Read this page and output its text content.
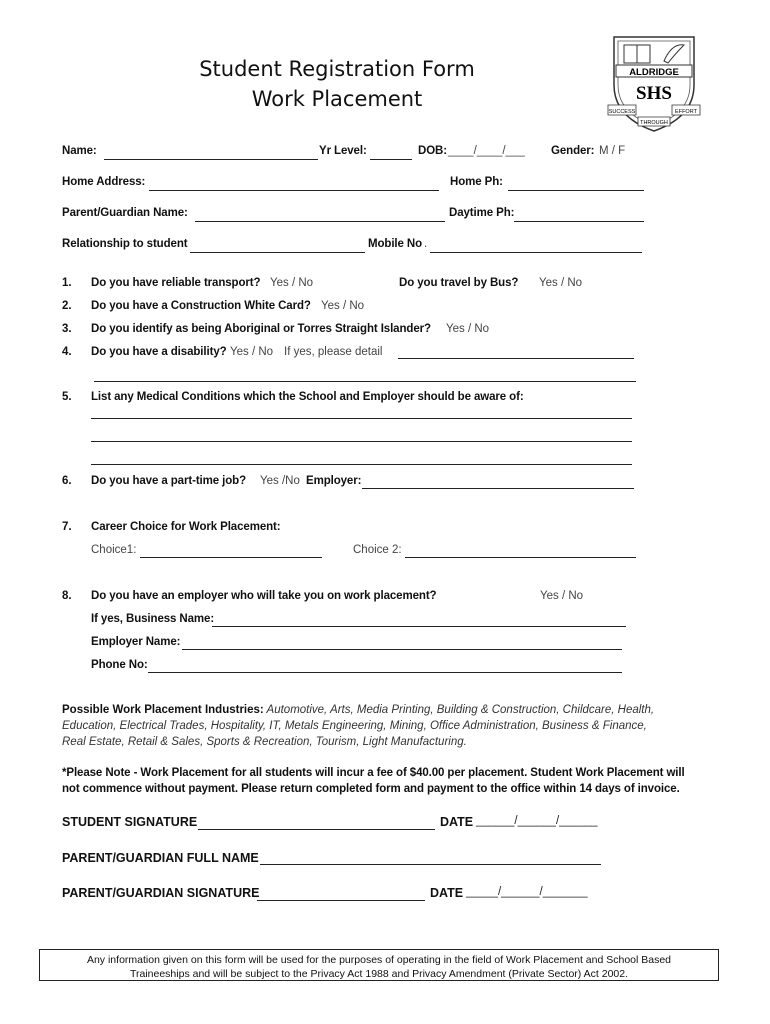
Student Registration Form
Work Placement
ALDRIDGE
SHS
SUCCESS	EFFORT
THROUGH
Name:	Yr Level:	DOB: ____/____/___ Gender: M / F
Home Address:	Home Ph:
Parent/Guardian Name:	Daytime Ph:
Relationship to student	Mobile No .
1. Do you have reliable transport? Yes / No	Do you travel by Bus? Yes / No
2. Do you have a Construction White Card? Yes / No
3. Do you identify as being Aboriginal or Torres Straight Islander? Yes / No
4. Do you have a disability? Yes / No If yes, please detail
5. List any Medical Conditions which the School and Employer should be aware of:
6. Do you have a part-time job? Yes /No Employer:
7. Career Choice for Work Placement:
Choice1:	Choice 2:
8. Do you have an employer who will take you on work placement?	Yes / No
If yes, Business Name:
Employer Name:
Phone No:
Possible Work Placement Industries: Automotive, Arts, Media Printing, Building & Construction, Childcare, Health,
Education, Electrical Trades, Hospitality, IT, Metals Engineering, Mining, Office Administration, Business & Finance,
Real Estate, Retail & Sales, Sports & Recreation, Tourism, Light Manufacturing.
*Please Note - Work Placement for all students will incur a fee of $40.00 per placement. Student Work Placement will
not commence without payment. Please return completed form and payment to the office within 14 days of invoice.
STUDENT SIGNATURE	DATE ______/______/______
PARENT/GUARDIAN FULL NAME
PARENT/GUARDIAN SIGNATURE	DATE _____/______/_______
Any information given on this form will be used for the purposes of operating in the field of Work Placement and School Based
Traineeships and will be subject to the Privacy Act 1988 and Privacy Amendment (Private Sector) Act 2002.
